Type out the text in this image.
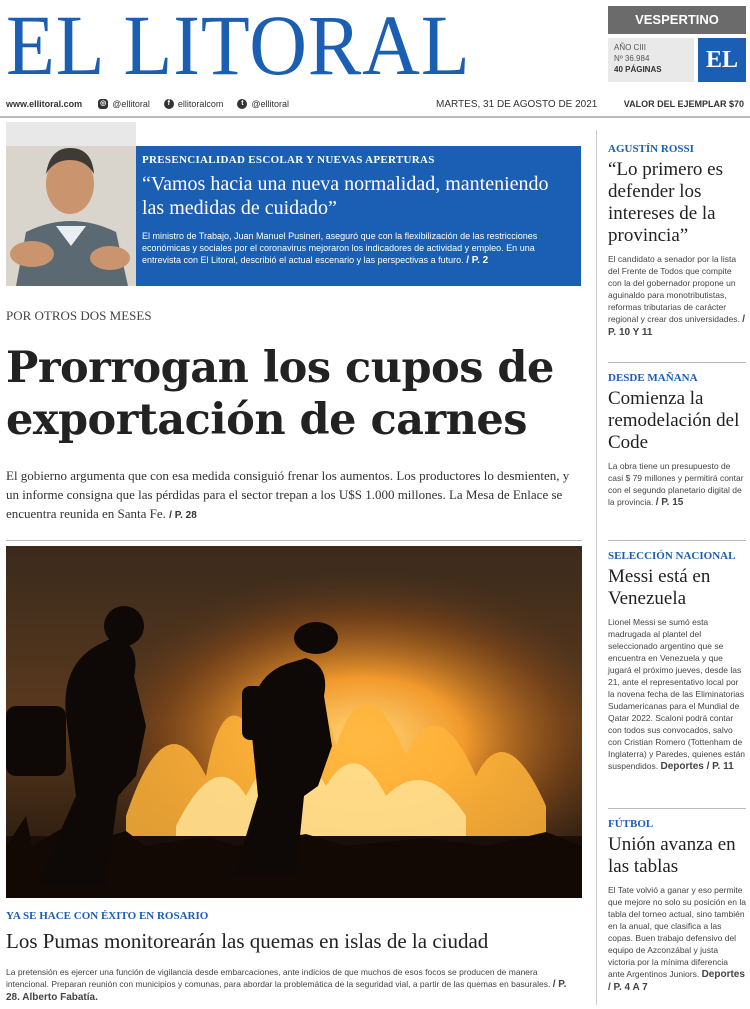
EL LITORAL	VESPERTINO
AÑO CIII
Nº 36.984
40 PÁGINAS	EL
www.ellitoral.com	◎ @ellitoral	f ellitoralcom	t @ellitoral	MARTES, 31 DE AGOSTO DE 2021	VALOR DEL EJEMPLAR $70
PRESENCIALIDAD ESCOLAR Y NUEVAS APERTURAS
“Vamos hacia una nueva normalidad, manteniendo las medidas de cuidado”
El ministro de Trabajo, Juan Manuel Pusineri, aseguró que con la flexibilización de las restricciones económicas y sociales por el coronavirus mejoraron los indicadores de actividad y empleo. En una entrevista con El Litoral, describió el actual escenario y las perspectivas a futuro. / P. 2
POR OTROS DOS MESES
Prorrogan los cupos de exportación de carnes
El gobierno argumenta que con esa medida consiguió frenar los aumentos. Los productores lo desmienten, y un informe consigna que las pérdidas para el sector trepan a los U$S 1.000 millones. La Mesa de Enlace se encuentra reunida en Santa Fe. / P. 28
YA SE HACE CON ÉXITO EN ROSARIO
Los Pumas monitorearán las quemas en islas de la ciudad
La pretensión es ejercer una función de vigilancia desde embarcaciones, ante indicios de que muchos de esos focos se producen de manera intencional. Preparan reunión con municipios y comunas, para abordar la problemática de la seguridad vial, a partir de las quemas en basurales. / P. 28. Alberto Fabatía.
AGUSTÍN ROSSI
“Lo primero es defender los intereses de la provincia”
El candidato a senador por la lista del Frente de Todos que compite con la del gobernador propone un aguinaldo para monotributistas, reformas tributarias de carácter regional y crear dos universidades. / P. 10 Y 11
DESDE MAÑANA
Comienza la remodelación del Code
La obra tiene un presupuesto de casi $ 79 millones y permitirá contar con el segundo planetario digital de la provincia. / P. 15
SELECCIÓN NACIONAL
Messi está en Venezuela
Lionel Messi se sumó esta madrugada al plantel del seleccionado argentino que se encuentra en Venezuela y que jugará el próximo jueves, desde las 21, ante el representativo local por la novena fecha de las Eliminatorias Sudamericanas para el Mundial de Qatar 2022. Scaloni podrá contar con todos sus convocados, salvo con Cristian Romero (Tottenham de Inglaterra) y Paredes, quienes están suspendidos. Deportes / P. 11
FÚTBOL
Unión avanza en las tablas
El Tate volvió a ganar y eso permite que mejore no solo su posición en la tabla del torneo actual, sino también en la anual, que clasifica a las copas. Buen trabajo defensivo del equipo de Azconzábal y justa victoria por la mínima diferencia ante Argentinos Juniors. Deportes / P. 4 A 7
